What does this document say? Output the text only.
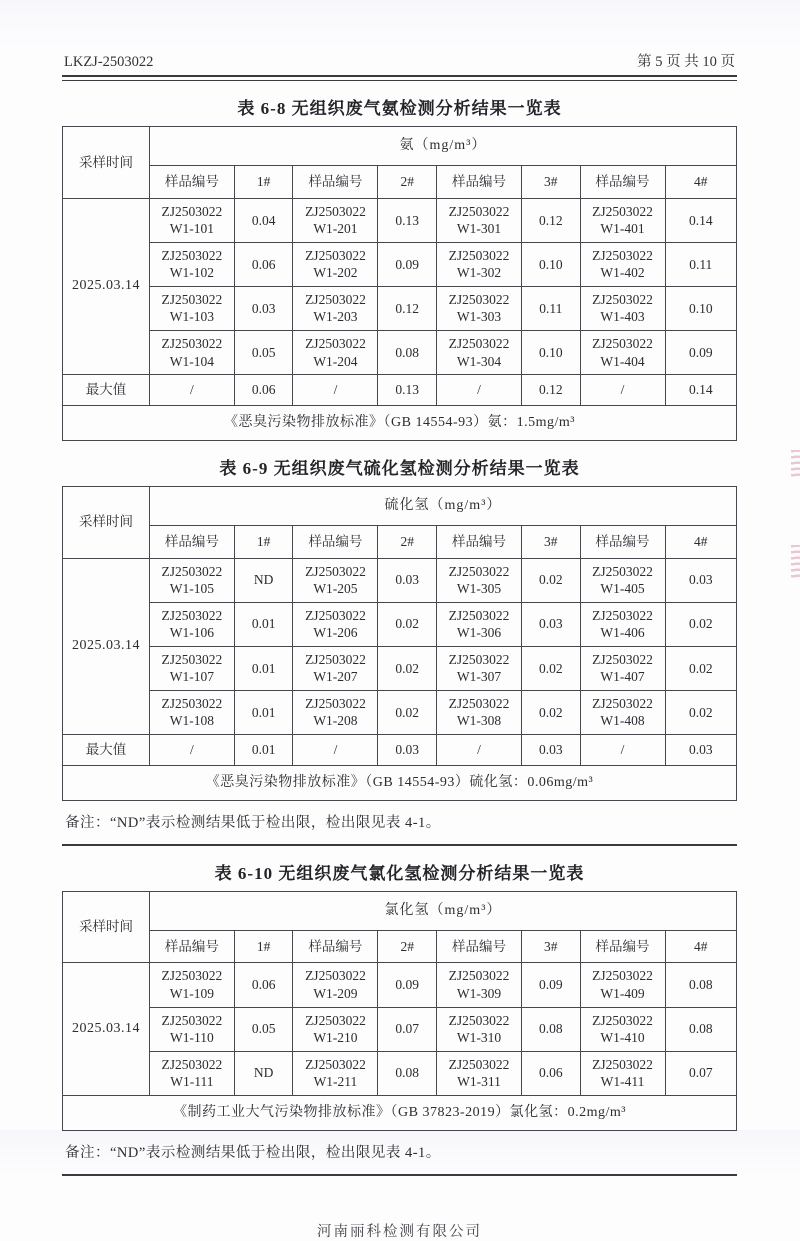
LKZJ-2503022	第 5 页 共 10 页
表 6-8 无组织废气氨检测分析结果一览表
采样时间	氨（mg/m³）							
	样品编号	1#	样品编号	2#	样品编号	3#	样品编号	4#
2025.03.14	ZJ2503022 W1-101	0.04	ZJ2503022 W1-201	0.13	ZJ2503022 W1-301	0.12	ZJ2503022 W1-401	0.14
	ZJ2503022 W1-102	0.06	ZJ2503022 W1-202	0.09	ZJ2503022 W1-302	0.10	ZJ2503022 W1-402	0.11
	ZJ2503022 W1-103	0.03	ZJ2503022 W1-203	0.12	ZJ2503022 W1-303	0.11	ZJ2503022 W1-403	0.10
	ZJ2503022 W1-104	0.05	ZJ2503022 W1-204	0.08	ZJ2503022 W1-304	0.10	ZJ2503022 W1-404	0.09
最大值	/	0.06	/	0.13	/	0.12	/	0.14
《恶臭污染物排放标准》（GB 14554-93）氨：1.5mg/m³								
表 6-9 无组织废气硫化氢检测分析结果一览表
采样时间	硫化氢（mg/m³）							
	样品编号	1#	样品编号	2#	样品编号	3#	样品编号	4#
2025.03.14	ZJ2503022 W1-105	ND	ZJ2503022 W1-205	0.03	ZJ2503022 W1-305	0.02	ZJ2503022 W1-405	0.03
	ZJ2503022 W1-106	0.01	ZJ2503022 W1-206	0.02	ZJ2503022 W1-306	0.03	ZJ2503022 W1-406	0.02
	ZJ2503022 W1-107	0.01	ZJ2503022 W1-207	0.02	ZJ2503022 W1-307	0.02	ZJ2503022 W1-407	0.02
	ZJ2503022 W1-108	0.01	ZJ2503022 W1-208	0.02	ZJ2503022 W1-308	0.02	ZJ2503022 W1-408	0.02
最大值	/	0.01	/	0.03	/	0.03	/	0.03
《恶臭污染物排放标准》（GB 14554-93）硫化氢：0.06mg/m³								
备注：“ND”表示检测结果低于检出限，检出限见表 4-1。
表 6-10 无组织废气氯化氢检测分析结果一览表
采样时间	氯化氢（mg/m³）							
	样品编号	1#	样品编号	2#	样品编号	3#	样品编号	4#
2025.03.14	ZJ2503022 W1-109	0.06	ZJ2503022 W1-209	0.09	ZJ2503022 W1-309	0.09	ZJ2503022 W1-409	0.08
	ZJ2503022 W1-110	0.05	ZJ2503022 W1-210	0.07	ZJ2503022 W1-310	0.08	ZJ2503022 W1-410	0.08
	ZJ2503022 W1-111	ND	ZJ2503022 W1-211	0.08	ZJ2503022 W1-311	0.06	ZJ2503022 W1-411	0.07
《制药工业大气污染物排放标准》（GB 37823-2019）氯化氢：0.2mg/m³								
备注：“ND”表示检测结果低于检出限，检出限见表 4-1。
河南丽科检测有限公司
